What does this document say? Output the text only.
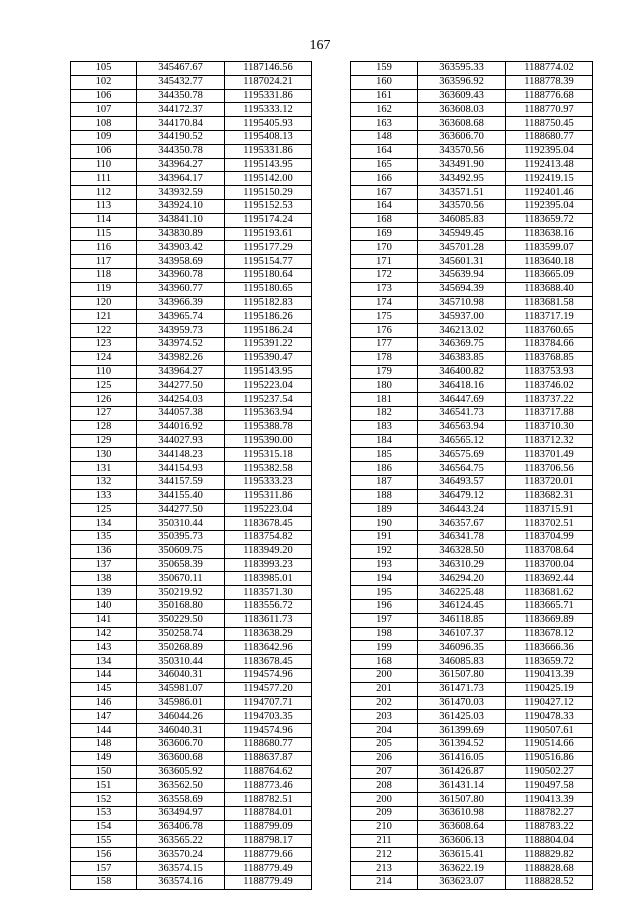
167
105	345467.67	1187146.56
102	345432.77	1187024.21
106	344350.78	1195331.86
107	344172.37	1195333.12
108	344170.84	1195405.93
109	344190.52	1195408.13
106	344350.78	1195331.86
110	343964.27	1195143.95
111	343964.17	1195142.00
112	343932.59	1195150.29
113	343924.10	1195152.53
114	343841.10	1195174.24
115	343830.89	1195193.61
116	343903.42	1195177.29
117	343958.69	1195154.77
118	343960.78	1195180.64
119	343960.77	1195180.65
120	343966.39	1195182.83
121	343965.74	1195186.26
122	343959.73	1195186.24
123	343974.52	1195391.22
124	343982.26	1195390.47
110	343964.27	1195143.95
125	344277.50	1195223.04
126	344254.03	1195237.54
127	344057.38	1195363.94
128	344016.92	1195388.78
129	344027.93	1195390.00
130	344148.23	1195315.18
131	344154.93	1195382.58
132	344157.59	1195333.23
133	344155.40	1195311.86
125	344277.50	1195223.04
134	350310.44	1183678.45
135	350395.73	1183754.82
136	350609.75	1183949.20
137	350658.39	1183993.23
138	350670.11	1183985.01
139	350219.92	1183571.30
140	350168.80	1183556.72
141	350229.50	1183611.73
142	350258.74	1183638.29
143	350268.89	1183642.96
134	350310.44	1183678.45
144	346040.31	1194574.96
145	345981.07	1194577.20
146	345986.01	1194707.71
147	346044.26	1194703.35
144	346040.31	1194574.96
148	363606.70	1188680.77
149	363600.68	1188637.87
150	363605.92	1188764.62
151	363562.50	1188773.46
152	363558.69	1188782.51
153	363494.97	1188784.01
154	363406.78	1188799.09
155	363565.22	1188798.17
156	363570.24	1188779.66
157	363574.15	1188779.49
158	363574.16	1188779.49
159	363595.33	1188774.02
160	363596.92	1188778.39
161	363609.43	1188776.68
162	363608.03	1188770.97
163	363608.68	1188750.45
148	363606.70	1188680.77
164	343570.56	1192395.04
165	343491.90	1192413.48
166	343492.95	1192419.15
167	343571.51	1192401.46
164	343570.56	1192395.04
168	346085.83	1183659.72
169	345949.45	1183638.16
170	345701.28	1183599.07
171	345601.31	1183640.18
172	345639.94	1183665.09
173	345694.39	1183688.40
174	345710.98	1183681.58
175	345937.00	1183717.19
176	346213.02	1183760.65
177	346369.75	1183784.66
178	346383.85	1183768.85
179	346400.82	1183753.93
180	346418.16	1183746.02
181	346447.69	1183737.22
182	346541.73	1183717.88
183	346563.94	1183710.30
184	346565.12	1183712.32
185	346575.69	1183701.49
186	346564.75	1183706.56
187	346493.57	1183720.01
188	346479.12	1183682.31
189	346443.24	1183715.91
190	346357.67	1183702.51
191	346341.78	1183704.99
192	346328.50	1183708.64
193	346310.29	1183700.04
194	346294.20	1183692.44
195	346225.48	1183681.62
196	346124.45	1183665.71
197	346118.85	1183669.89
198	346107.37	1183678.12
199	346096.35	1183666.36
168	346085.83	1183659.72
200	361507.80	1190413.39
201	361471.73	1190425.19
202	361470.03	1190427.12
203	361425.03	1190478.33
204	361399.69	1190507.61
205	361394.52	1190514.66
206	361416.05	1190516.86
207	361426.87	1190502.27
208	361431.14	1190497.58
200	361507.80	1190413.39
209	363610.98	1188782.27
210	363608.64	1188783.22
211	363606.13	1188804.04
212	363615.41	1188829.82
213	363622.19	1188828.68
214	363623.07	1188828.52
